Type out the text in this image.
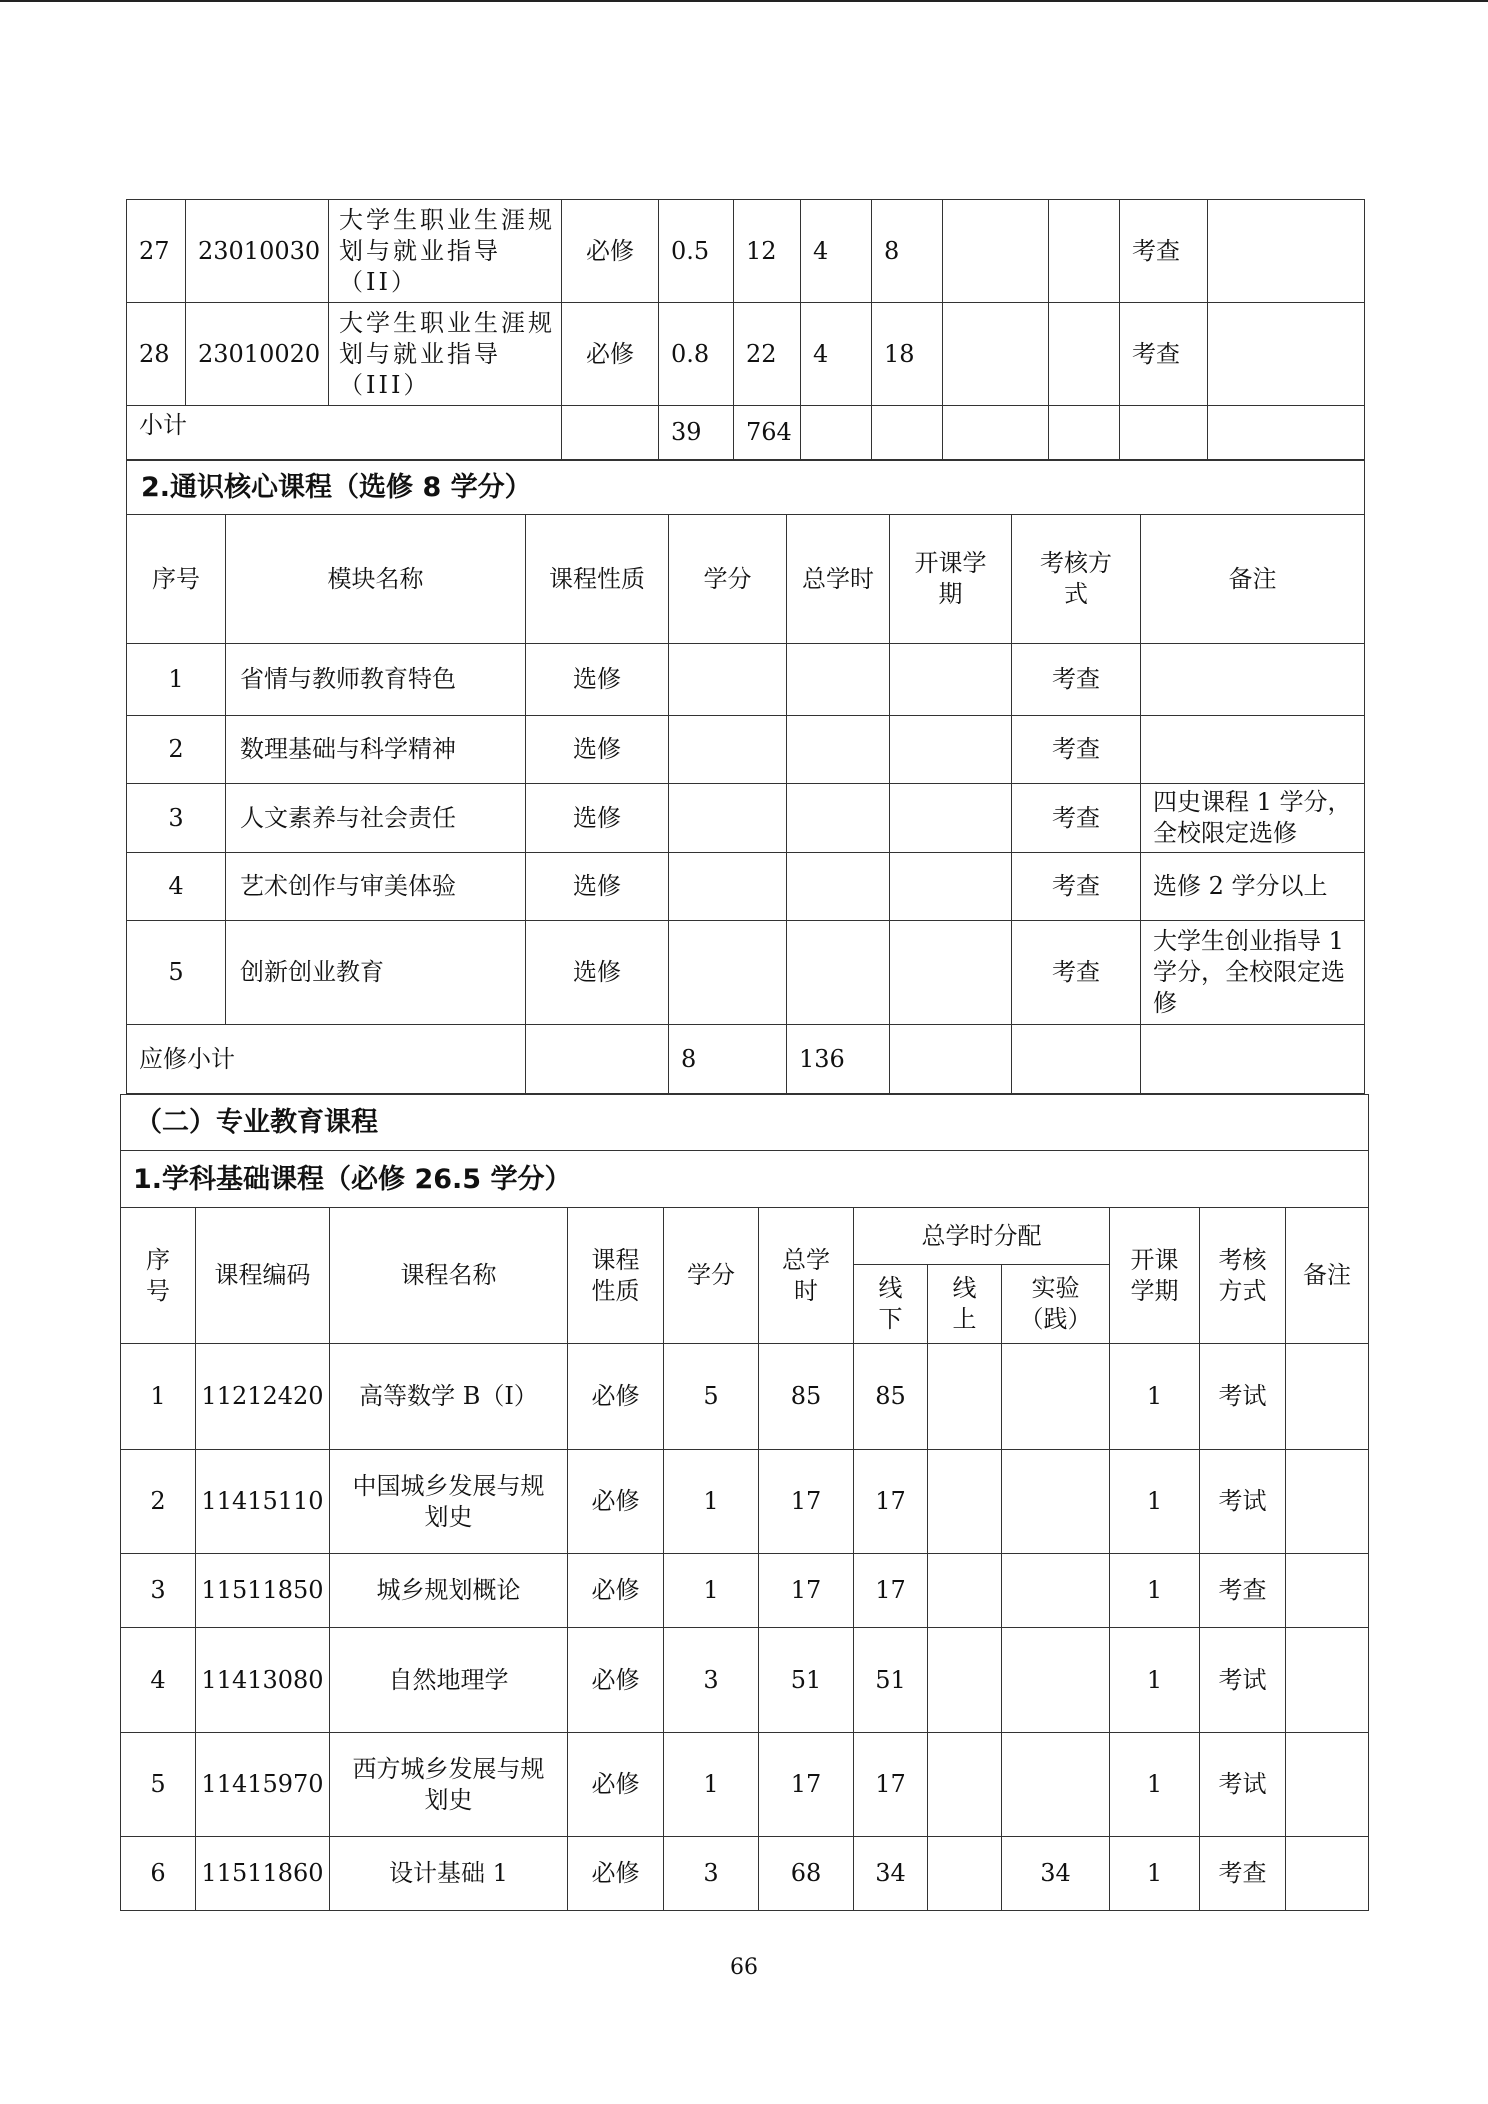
27	23010030	大学生职业生涯规划与就业指导（II）	必修	0.5	12	4	8			考查	
28	23010020	大学生职业生涯规划与就业指导（III）	必修	0.8	22	4	18			考查	
小计				39	764						
2.通识核心课程（选修 8 学分）							
序号	模块名称	课程性质	学分	总学时	开课学期	考核方式	备注
1	省情与教师教育特色	选修				考查	
2	数理基础与科学精神	选修				考查	
3	人文素养与社会责任	选修				考查	四史课程 1 学分，全校限定选修
4	艺术创作与审美体验	选修				考查	选修 2 学分以上
5	创新创业教育	选修				考查	大学生创业指导 1 学分，全校限定选修
应修小计			8	136			
（二）专业教育课程											
1.学科基础课程（必修 26.5 学分）											
序号	课程编码	课程名称	课程性质	学分	总学时	总学时分配			开课学期	考核方式	备注
						线下	线上	实验（践）			
1	11212420	高等数学 B（Ⅰ）	必修	5	85	85			1	考试	
2	11415110	中国城乡发展与规划史	必修	1	17	17			1	考试	
3	11511850	城乡规划概论	必修	1	17	17			1	考查	
4	11413080	自然地理学	必修	3	51	51			1	考试	
5	11415970	西方城乡发展与规划史	必修	1	17	17			1	考试	
6	11511860	设计基础 1	必修	3	68	34		34	1	考查	
66
